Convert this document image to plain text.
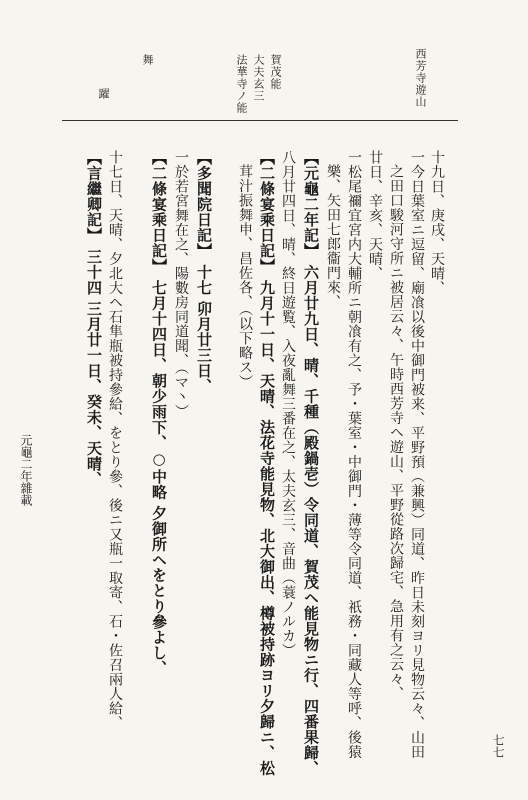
西芳寺遊山
賀茂能
大夫玄三
法華寺ノ能
舞
躍
十九日、庚戌、天晴、
一今日葉室ニ逗留、廟飡以後中御門被来、平野預（兼興）同道、昨日未刻ヨリ見物云々、山田
之田口駿河守所ニ被居云々、午時西芳寺ヘ遊山、平野從路次歸宅、急用有之云々、
廿日、辛亥、天晴、
一松尾禰宜宮内大輔所ニ朝飡有之、予・葉室・中御門・薄等令同道、祇務・同藏人等呼、後猿
樂、矢田七郎衞門來、
【元龜二年記】 六月廿九日、晴、千種（殿鍋壱）令同道、賀茂ヘ能見物ニ行、四番果歸、
八月廿四日、晴、終日遊覧、入夜亂舞三番在之、太夫玄三、音曲（蓑ノルカ）
【二條宴乘日記】 九月十一日、天晴、法花寺能見物、北大御出、樽被持跡ヨリ夕歸ニ、松
茸汁振舞申、昌佐各、（以下略ス）
【多聞院日記】 十七 卯月廿三日、
一於若宮舞在之、陽數房同道聞、（マ丶）
【二條宴乘日記】 七月十四日、朝少雨下、○中略 夕御所ヘをとり參よし、
十七日、天晴、夕北大ヘ石隼瓶被持參給、をとり參、後ニ又瓶一取寄、石・佐召兩人給、
【言繼卿記】 三十四 三月廿一日、癸未、天晴、
元龜二年雜載
七七
